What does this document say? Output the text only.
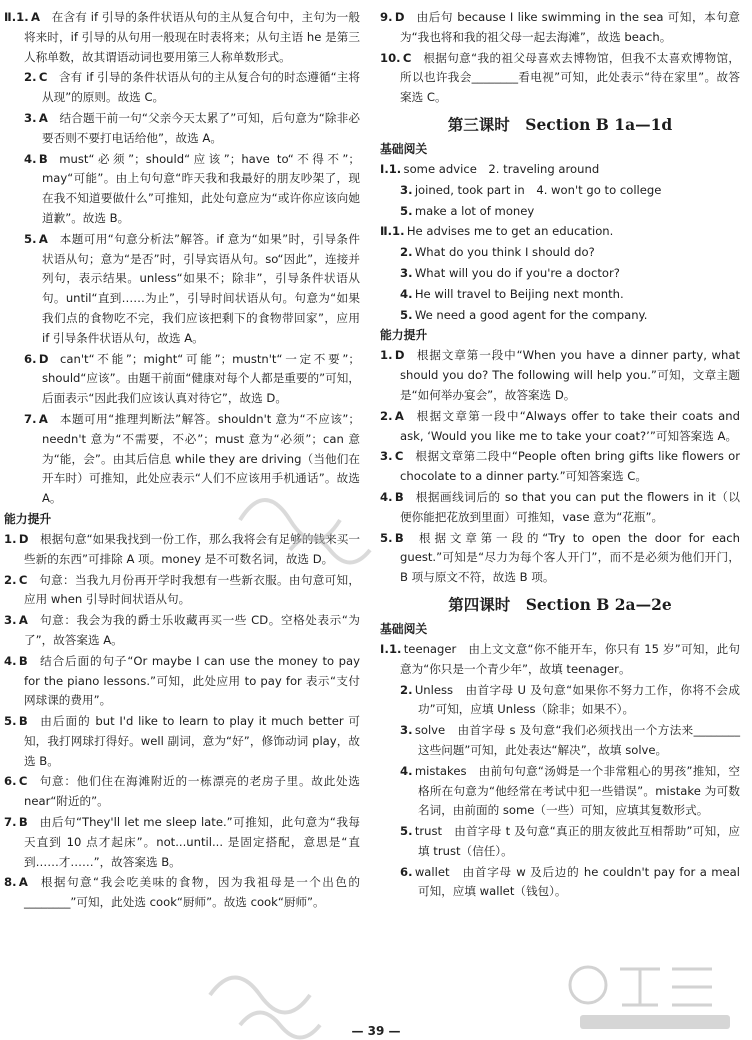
Ⅱ.1.  A  在含有 if 引导的条件状语从句的主从复合句中，主句为一般将来时，if 引导的从句用一般现在时表将来；从句主语 he 是第三人称单数，故其谓语动词也要用第三人称单数形式。
2.  C  含有 if 引导的条件状语从句的主从复合句的时态遵循“主将从现”的原则。故选 C。
3.  A  结合题干前一句“父亲今天太累了”可知，后句意为“除非必要否则不要打电话给他”，故选 A。
4.  B  must“必须”；should“应该”；have to“不得不”；may“可能”。由上句句意“昨天我和我最好的朋友吵架了，现在我不知道要做什么”可推知，此处句意应为“或许你应该向她道歉”。故选 B。
5.  A  本题可用“句意分析法”解答。if 意为“如果”时，引导条件状语从句；意为“是否”时，引导宾语从句。so“因此”，连接并列句，表示结果。unless“如果不；除非”，引导条件状语从句。until“直到……为止”，引导时间状语从句。句意为“如果我们点的食物吃不完，我们应该把剩下的食物带回家”，应用 if 引导条件状语从句，故选 A。
6.  D  can't“不能”；might“可能”；mustn't“一定不要”；should“应该”。由题干前面“健康对每个人都是重要的”可知，后面表示“因此我们应该认真对待它”，故选 D。
7.  A  本题可用“推理判断法”解答。shouldn't 意为“不应该”；needn't 意为“不需要，不必”；must 意为“必须”；can 意为“能，会”。由其后信息 while they are driving（当他们在开车时）可推知，此处应表示“人们不应该用手机通话”。故选 A。
能力提升
1.  D  根据句意“如果我找到一份工作，那么我将会有足够的钱来买一些新的东西”可排除 A 项。money 是不可数名词，故选 D。
2.  C  句意：当我九月份再开学时我想有一些新衣服。由句意可知，应用 when 引导时间状语从句。
3.  A  句意：我会为我的爵士乐收藏再买一些 CD。空格处表示“为了”，故答案选 A。
4.  B  结合后面的句子“Or maybe I can use the money to pay for the piano lessons.”可知，此处应用 to pay for 表示“支付网球课的费用”。
5.  B  由后面的 but I'd like to learn to play it much better 可知，我打网球打得好。well 副词，意为“好”，修饰动词 play，故选 B。
6.  C  句意：他们住在海滩附近的一栋漂亮的老房子里。故此处选 near“附近的”。
7.  B  由后句“They'll let me sleep late.”可推知，此句意为“我每天直到 10 点才起床”。not...until... 是固定搭配，意思是“直到……才……”，故答案选 B。
8.  A  根据句意“我会吃美味的食物，因为我祖母是一个出色的________”可知，此处选 cook“厨师”。故选 cook“厨师”。
9.  D  由后句 because I like swimming in the sea 可知，本句意为“我也将和我的祖父母一起去海滩”，故选 beach。
10.  C  根据句意“我的祖父母喜欢去博物馆，但我不太喜欢博物馆，所以也许我会________看电视”可知，此处表示“待在家里”。故答案选 C。
第三课时　Section B 1a—1d
基础阅关
Ⅰ.1.  some advice　2. traveling around
3.  joined, took part in　4. won't go to college
5.  make a lot of money
Ⅱ.1.  He advises me to get an education.
2.  What do you think I should do?
3.  What will you do if you're a doctor?
4.  He will travel to Beijing next month.
5.  We need a good agent for the company.
能力提升
1.  D  根据文章第一段中“When you have a dinner party, what should you do? The following will help you.”可知，文章主题是“如何举办宴会”，故答案选 D。
2.  A  根据文章第一段中“Always offer to take their coats and ask, ‘Would you like me to take your coat?’”可知答案选 A。
3.  C  根据文章第二段中“People often bring gifts like flowers or chocolate to a dinner party.”可知答案选 C。
4.  B  根据画线词后的 so that you can put the flowers in it（以便你能把花放到里面）可推知，vase 意为“花瓶”。
5.  B  根据文章第一段的“Try to open the door for each guest.”可知是“尽力为每个客人开门”，而不是必须为他们开门，B 项与原文不符，故选 B 项。
第四课时　Section B 2a—2e
基础阅关
Ⅰ.1.  teenager　由上文文意“你不能开车，你只有 15 岁”可知，此句意为“你只是一个青少年”，故填 teenager。
2.  Unless　由首字母 U 及句意“如果你不努力工作，你将不会成功”可知，应填 Unless（除非；如果不）。
3.  solve　由首字母 s 及句意“我们必须找出一个方法来________这些问题”可知，此处表达“解决”，故填 solve。
4.  mistakes　由前句句意“汤姆是一个非常粗心的男孩”推知，空格所在句意为“他经常在考试中犯一些错误”。mistake 为可数名词，由前面的 some（一些）可知，应填其复数形式。
5.  trust　由首字母 t 及句意“真正的朋友彼此互相帮助”可知，应填 trust（信任）。
6.  wallet　由首字母 w 及后边的 he couldn't pay for a meal 可知，应填 wallet（钱包）。
— 39 —
